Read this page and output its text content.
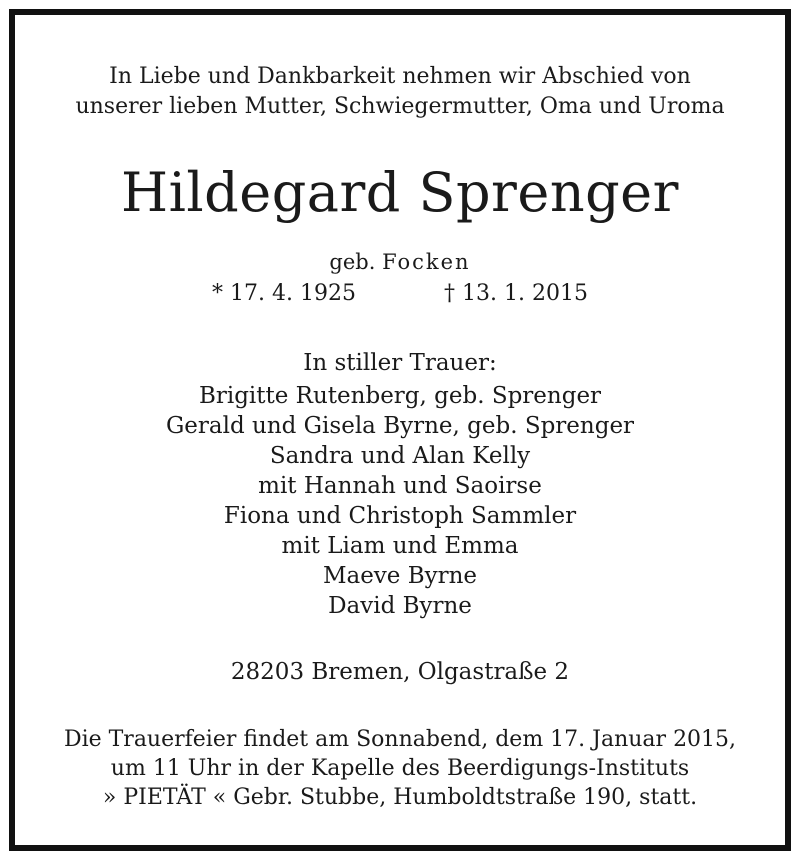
In Liebe und Dankbarkeit nehmen wir Abschied von
unserer lieben Mutter, Schwiegermutter, Oma und Uroma
Hildegard Sprenger
geb. Focken
* 17. 4. 1925	† 13. 1. 2015
In stiller Trauer:
Brigitte Rutenberg, geb. Sprenger
Gerald und Gisela Byrne, geb. Sprenger
Sandra und Alan Kelly
mit Hannah und Saoirse
Fiona und Christoph Sammler
mit Liam und Emma
Maeve Byrne
David Byrne
28203 Bremen, Olgastraße 2
Die Trauerfeier findet am Sonnabend, dem 17. Januar 2015,
um 11 Uhr in der Kapelle des Beerdigungs-Instituts
» PIETÄT « Gebr. Stubbe, Humboldtstraße 190, statt.
